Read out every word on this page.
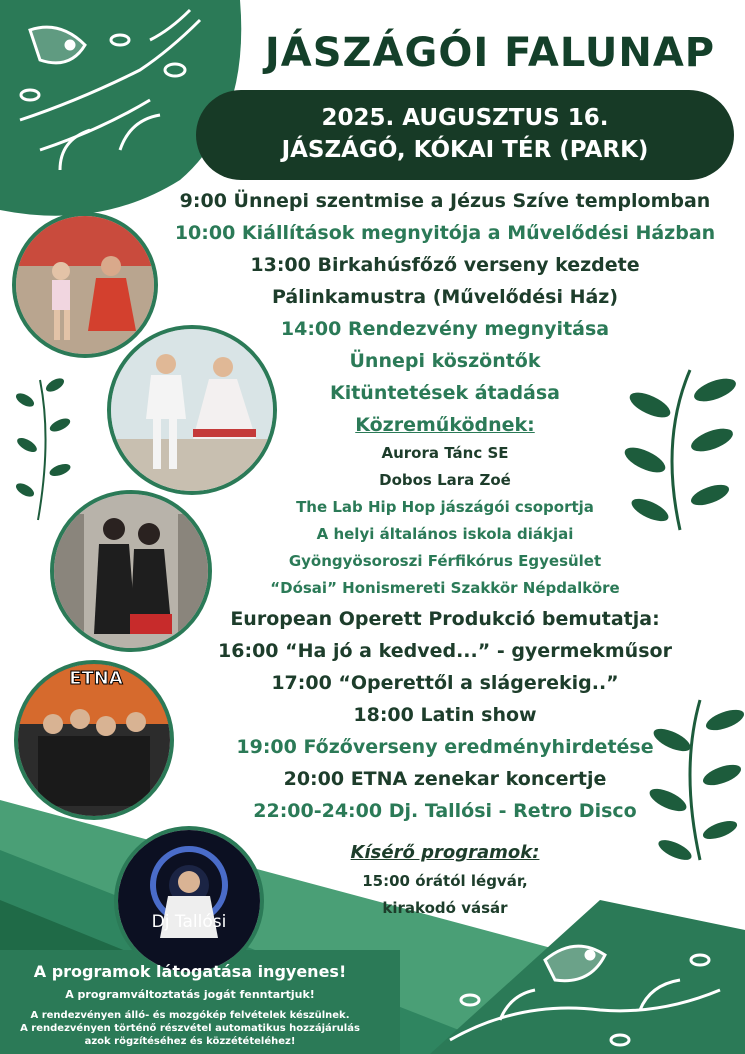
JÁSZÁGÓI FALUNAP
2025. AUGUSZTUS 16.
JÁSZÁGÓ, KÓKAI TÉR (PARK)
9:00 Ünnepi szentmise a Jézus Szíve templomban
10:00 Kiállítások megnyitója a Művelődési Házban
13:00 Birkahúsfőző verseny kezdete
Pálinkamustra (Művelődési Ház)
14:00 Rendezvény megnyitása
Ünnepi köszöntők
Kitüntetések átadása
Közreműködnek:
Aurora Tánc SE
Dobos Lara Zoé
The Lab Hip Hop jászágói csoportja
A helyi általános iskola diákjai
Gyöngyösoroszi Férfikórus Egyesület
“Dósai” Honismereti Szakkör Népdalköre
European Operett Produkció bemutatja:
16:00 “Ha jó a kedved...” - gyermekműsor
17:00 “Operettől a slágerekig..”
18:00 Latin show
19:00 Főzőverseny eredményhirdetése
20:00 ETNA zenekar koncertje
22:00-24:00 Dj. Tallósi - Retro Disco
Kísérő programok:
15:00 órától légvár,
kirakodó vásár
ETNA
Dj Tallósi
A programok látogatása ingyenes!
A programváltoztatás jogát fenntartjuk!
A rendezvényen álló- és mozgókép felvételek készülnek.
A rendezvényen történő részvétel automatikus hozzájárulás
azok rögzítéséhez és közzétételéhez!
